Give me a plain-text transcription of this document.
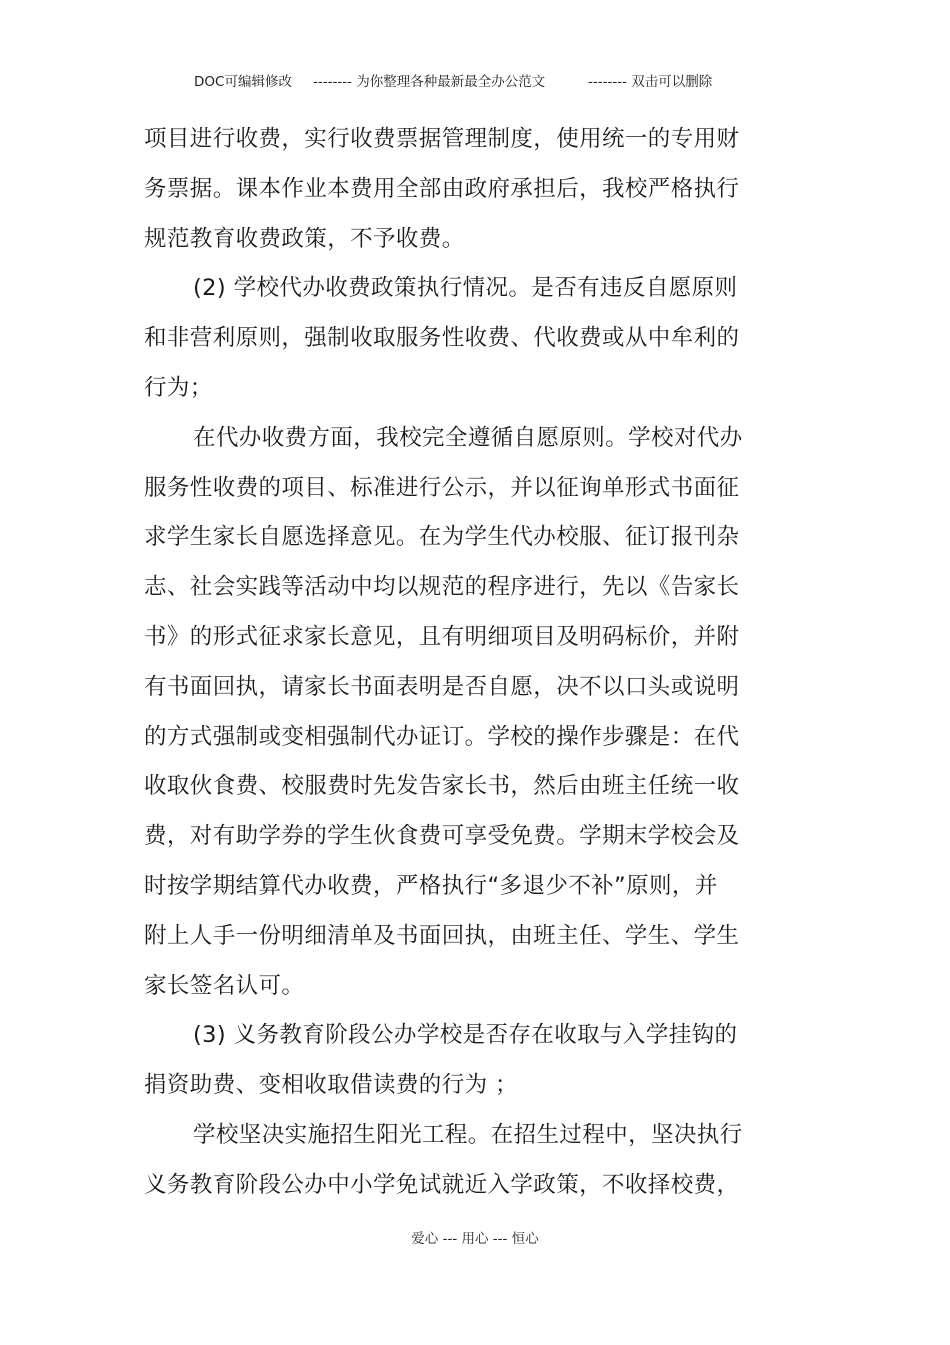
DOC可编辑修改 -------- 为你整理各种最新最全办公范文	-------- 双击可以删除
项目进行收费，实行收费票据管理制度，使用统一的专用财
务票据。课本作业本费用全部由政府承担后，我校严格执行
规范教育收费政策，不予收费。
(2) 学校代办收费政策执行情况。是否有违反自愿原则
和非营利原则，强制收取服务性收费、代收费或从中牟利的
行为；
在代办收费方面，我校完全遵循自愿原则。学校对代办
服务性收费的项目、标准进行公示，并以征询单形式书面征
求学生家长自愿选择意见。在为学生代办校服、征订报刊杂
志、社会实践等活动中均以规范的程序进行，先以《告家长
书》的形式征求家长意见，且有明细项目及明码标价，并附
有书面回执，请家长书面表明是否自愿，决不以口头或说明
的方式强制或变相强制代办证订。学校的操作步骤是：在代
收取伙食费、校服费时先发告家长书，然后由班主任统一收
费，对有助学券的学生伙食费可享受免费。学期末学校会及
时按学期结算代办收费，严格执行“多退少不补”原则，并
附上人手一份明细清单及书面回执，由班主任、学生、学生
家长签名认可。
(3) 义务教育阶段公办学校是否存在收取与入学挂钩的
捐资助费、变相收取借读费的行为 ；
学校坚决实施招生阳光工程。在招生过程中，坚决执行
义务教育阶段公办中小学免试就近入学政策，不收择校费，
爱心 --- 用心 --- 恒心
